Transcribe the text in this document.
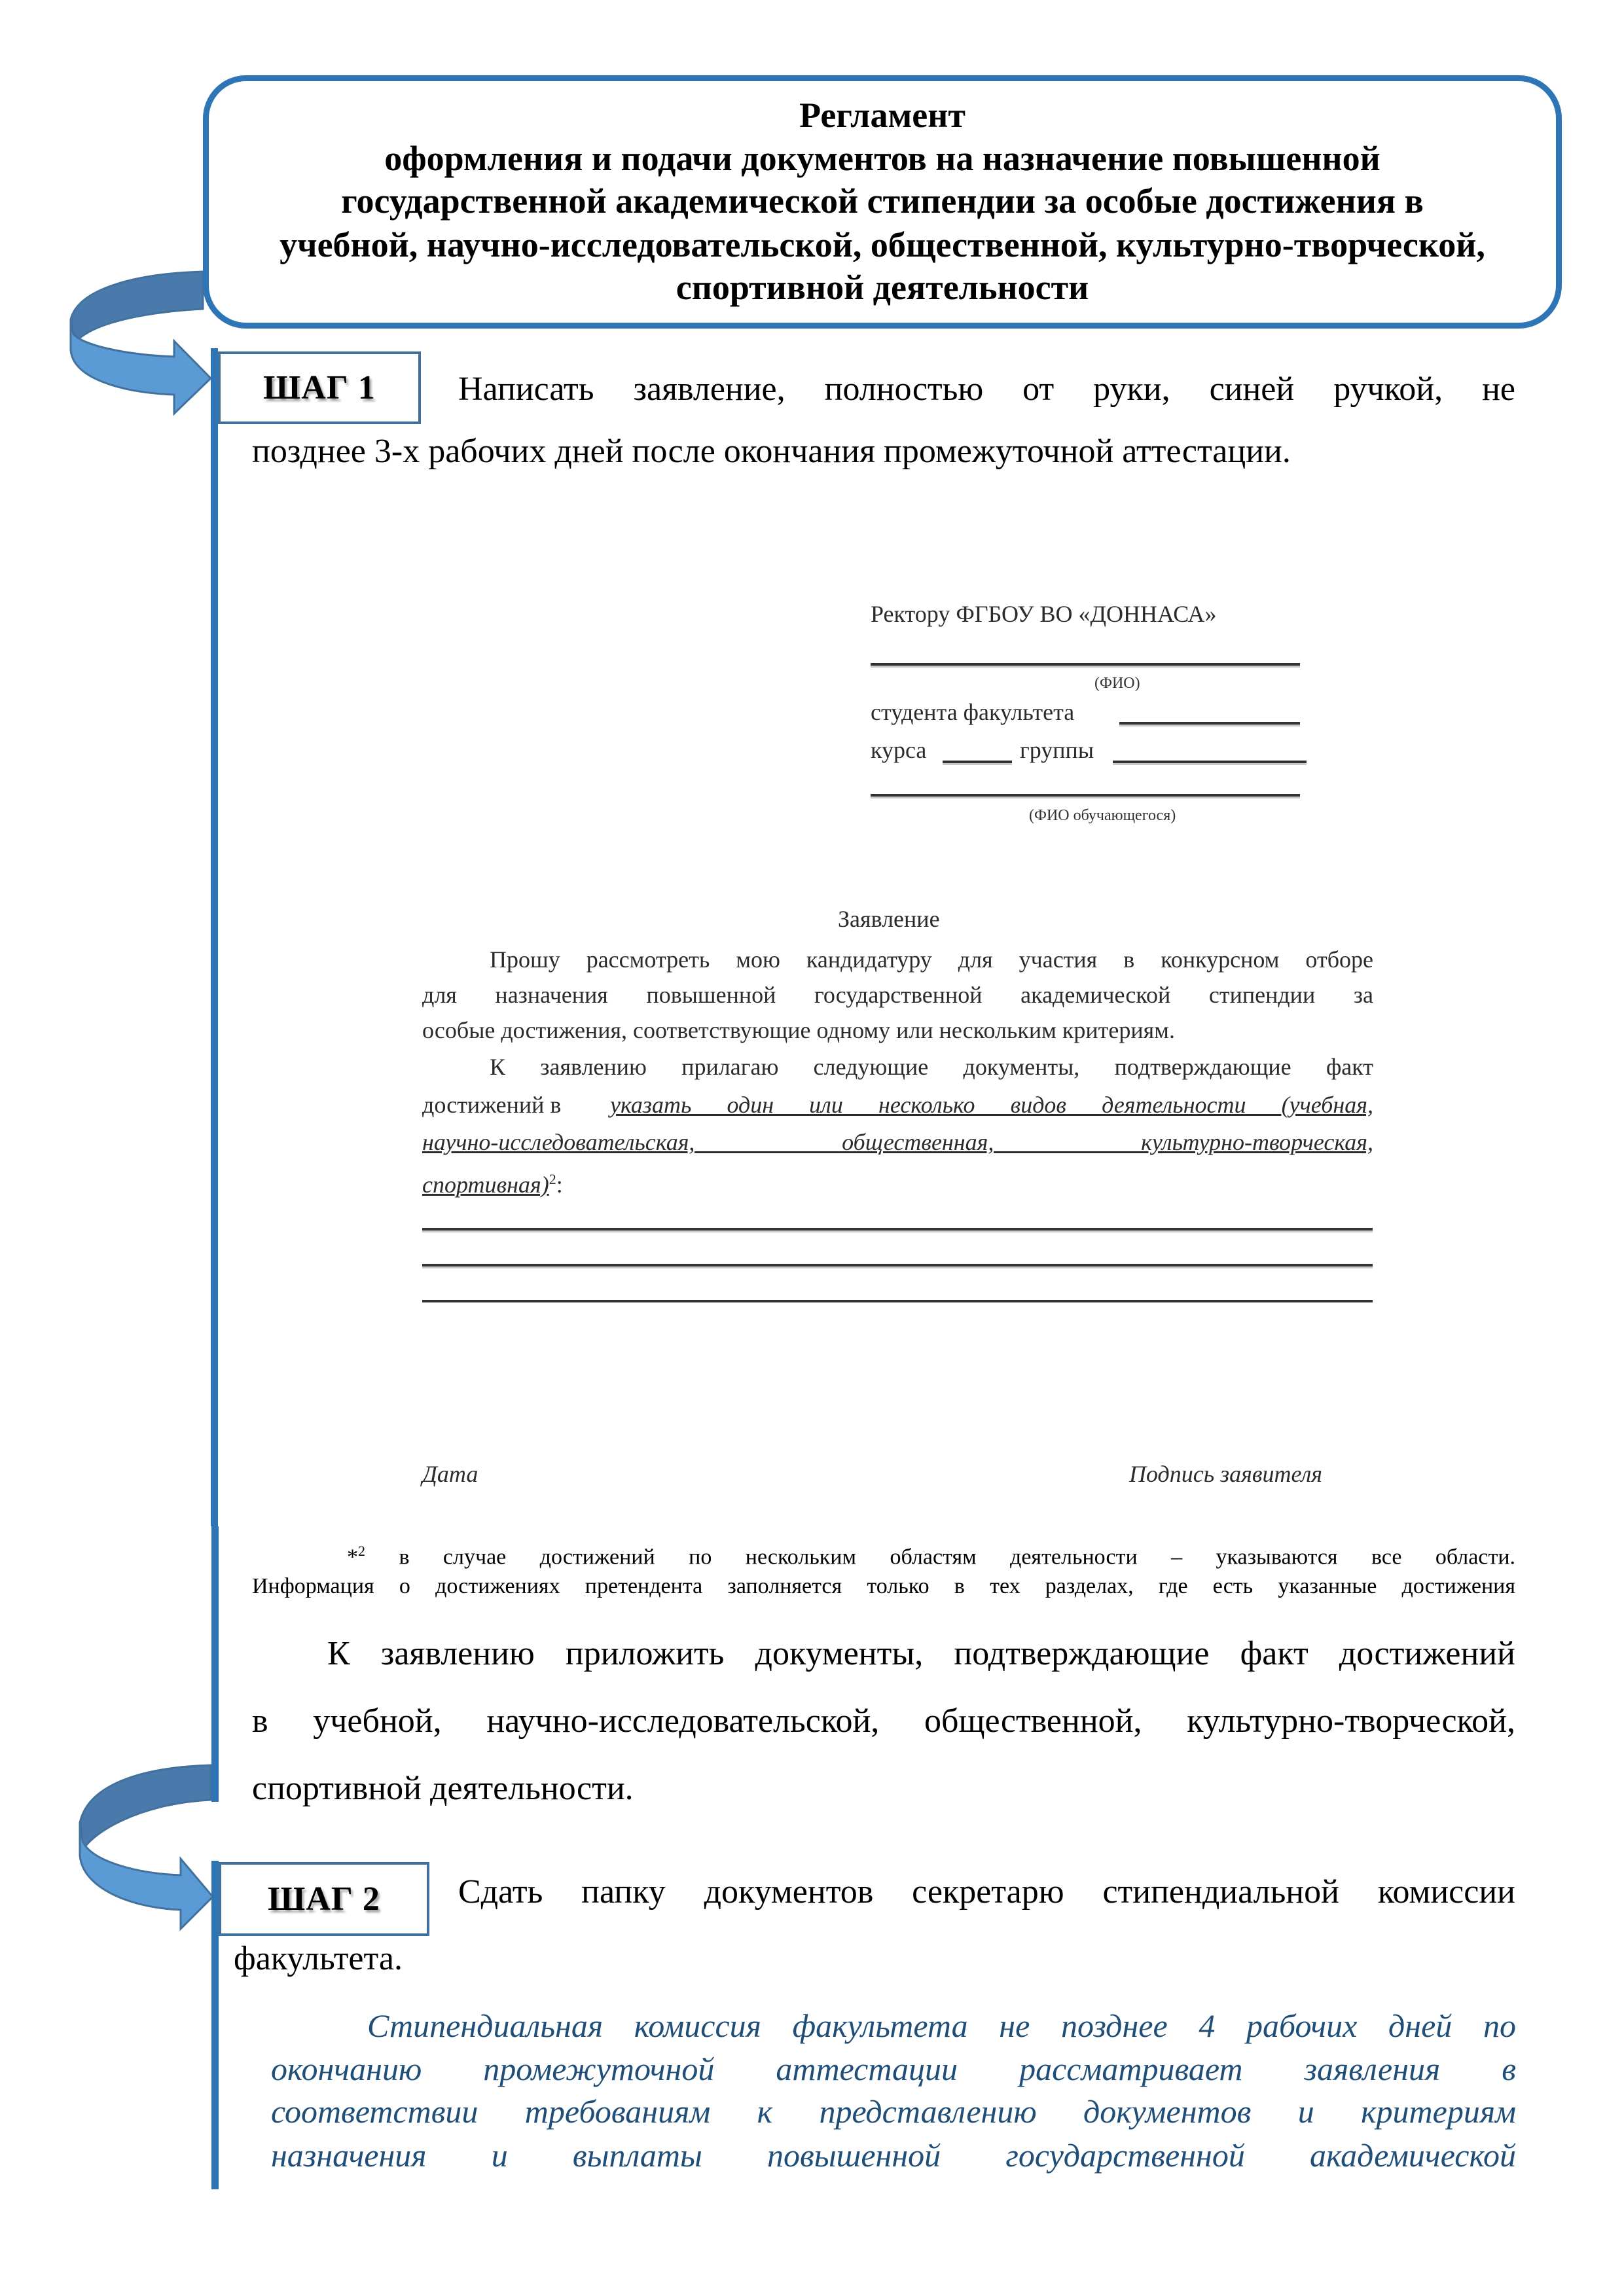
Регламент
оформления и подачи документов на назначение повышенной
государственной академической стипендии за особые достижения в
учебной, научно-исследовательской, общественной, культурно-творческой,
спортивной деятельности
ШАГ 1 Написать заявление, полностью от руки, синей ручкой, не
позднее 3-х рабочих дней после окончания промежуточной аттестации.
Ректору ФГБОУ ВО «ДОННАСА»
(ФИО)
студента факультета
курса	группы
(ФИО обучающегося)
Заявление
Прошу рассмотреть мою кандидатуру для участия в конкурсном отборе
для назначения повышенной государственной академической стипендии за
особые достижения, соответствующие одному или нескольким критериям.
К заявлению прилагаю следующие документы, подтверждающие факт
достижений в указать один или несколько видов деятельности (учебная,
научно-исследовательская, общественная, культурно-творческая,
спортивная)$^2$:
Дата	Подпись заявителя
*$^2$ в случае достижений по нескольким областям деятельности – указываются все области.
Информация о достижениях претендента заполняется только в тех разделах, где есть указанные достижения
К заявлению приложить документы, подтверждающие факт достижений
в учебной, научно-исследовательской, общественной, культурно-творческой,
спортивной деятельности.
ШАГ 2 Сдать папку документов секретарю стипендиальной комиссии
факультета.
Стипендиальная комиссия факультета не позднее 4 рабочих дней по
окончанию промежуточной аттестации рассматривает заявления в
соответствии требованиям к представлению документов и критериям
назначения и выплаты повышенной государственной академической
